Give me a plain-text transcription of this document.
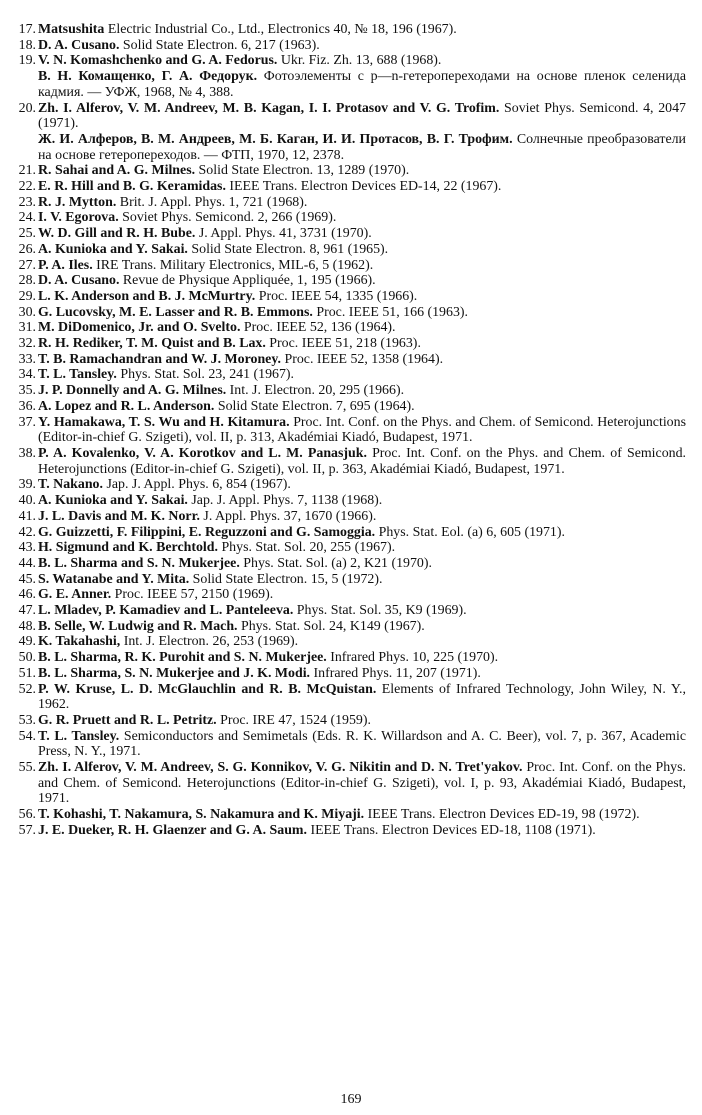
17. Matsushita Electric Industrial Co., Ltd., Electronics 40, № 18, 196 (1967).
18. D. A. Cusano. Solid State Electron. 6, 217 (1963).
19. V. N. Komashchenko and G. A. Fedorus. Ukr. Fiz. Zh. 13, 688 (1968).
В. Н. Комащенко, Г. А. Федорук. Фотоэлементы с p—n-гетеропереходами на основе пленок селенида кадмия. — УФЖ, 1968, № 4, 388.
20. Zh. I. Alferov, V. M. Andreev, M. B. Kagan, I. I. Protasov and V. G. Trofim. Soviet Phys. Semicond. 4, 2047 (1971).
Ж. И. Алферов, В. М. Андреев, М. Б. Каган, И. И. Протасов, В. Г. Трофим. Солнечные преобразователи на основе гетеропереходов. — ФТП, 1970, 12, 2378.
21. R. Sahai and A. G. Milnes. Solid State Electron. 13, 1289 (1970).
22. E. R. Hill and B. G. Keramidas. IEEE Trans. Electron Devices ED-14, 22 (1967).
23. R. J. Mytton. Brit. J. Appl. Phys. 1, 721 (1968).
24. I. V. Egorova. Soviet Phys. Semicond. 2, 266 (1969).
25. W. D. Gill and R. H. Bube. J. Appl. Phys. 41, 3731 (1970).
26. A. Kunioka and Y. Sakai. Solid State Electron. 8, 961 (1965).
27. P. A. Iles. IRE Trans. Military Electronics, MIL-6, 5 (1962).
28. D. A. Cusano. Revue de Physique Appliquée, 1, 195 (1966).
29. L. K. Anderson and B. J. McMurtry. Proc. IEEE 54, 1335 (1966).
30. G. Lucovsky, M. E. Lasser and R. B. Emmons. Proc. IEEE 51, 166 (1963).
31. M. DiDomenico, Jr. and O. Svelto. Proc. IEEE 52, 136 (1964).
32. R. H. Rediker, T. M. Quist and B. Lax. Proc. IEEE 51, 218 (1963).
33. T. B. Ramachandran and W. J. Moroney. Proc. IEEE 52, 1358 (1964).
34. T. L. Tansley. Phys. Stat. Sol. 23, 241 (1967).
35. J. P. Donnelly and A. G. Milnes. Int. J. Electron. 20, 295 (1966).
36. A. Lopez and R. L. Anderson. Solid State Electron. 7, 695 (1964).
37. Y. Hamakawa, T. S. Wu and H. Kitamura. Proc. Int. Conf. on the Phys. and Chem. of Semicond. Heterojunctions (Editor-in-chief G. Szigeti), vol. II, p. 313, Akadémiai Kiadó, Budapest, 1971.
38. P. A. Kovalenko, V. A. Korotkov and L. M. Panasjuk. Proc. Int. Conf. on the Phys. and Chem. of Semicond. Heterojunctions (Editor-in-chief G. Szigeti), vol. II, p. 363, Akadémiai Kiadó, Budapest, 1971.
39. T. Nakano. Jap. J. Appl. Phys. 6, 854 (1967).
40. A. Kunioka and Y. Sakai. Jap. J. Appl. Phys. 7, 1138 (1968).
41. J. L. Davis and M. K. Norr. J. Appl. Phys. 37, 1670 (1966).
42. G. Guizzetti, F. Filippini, E. Reguzzoni and G. Samoggia. Phys. Stat. Eol. (a) 6, 605 (1971).
43. H. Sigmund and K. Berchtold. Phys. Stat. Sol. 20, 255 (1967).
44. B. L. Sharma and S. N. Mukerjee. Phys. Stat. Sol. (a) 2, K21 (1970).
45. S. Watanabe and Y. Mita. Solid State Electron. 15, 5 (1972).
46. G. E. Anner. Proc. IEEE 57, 2150 (1969).
47. L. Mladev, P. Kamadiev and L. Panteleeva. Phys. Stat. Sol. 35, K9 (1969).
48. B. Selle, W. Ludwig and R. Mach. Phys. Stat. Sol. 24, K149 (1967).
49. K. Takahashi, Int. J. Electron. 26, 253 (1969).
50. B. L. Sharma, R. K. Purohit and S. N. Mukerjee. Infrared Phys. 10, 225 (1970).
51. B. L. Sharma, S. N. Mukerjee and J. K. Modi. Infrared Phys. 11, 207 (1971).
52. P. W. Kruse, L. D. McGlauchlin and R. B. McQuistan. Elements of Infrared Technology, John Wiley, N. Y., 1962.
53. G. R. Pruett and R. L. Petritz. Proc. IRE 47, 1524 (1959).
54. T. L. Tansley. Semiconductors and Semimetals (Eds. R. K. Willardson and A. C. Beer), vol. 7, p. 367, Academic Press, N. Y., 1971.
55. Zh. I. Alferov, V. M. Andreev, S. G. Konnikov, V. G. Nikitin and D. N. Tret'yakov. Proc. Int. Conf. on the Phys. and Chem. of Semicond. Heterojunctions (Editor-in-chief G. Szigeti), vol. I, p. 93, Akadémiai Kiadó, Budapest, 1971.
56. T. Kohashi, T. Nakamura, S. Nakamura and K. Miyaji. IEEE Trans. Electron Devices ED-19, 98 (1972).
57. J. E. Dueker, R. H. Glaenzer and G. A. Saum. IEEE Trans. Electron Devices ED-18, 1108 (1971).
169
